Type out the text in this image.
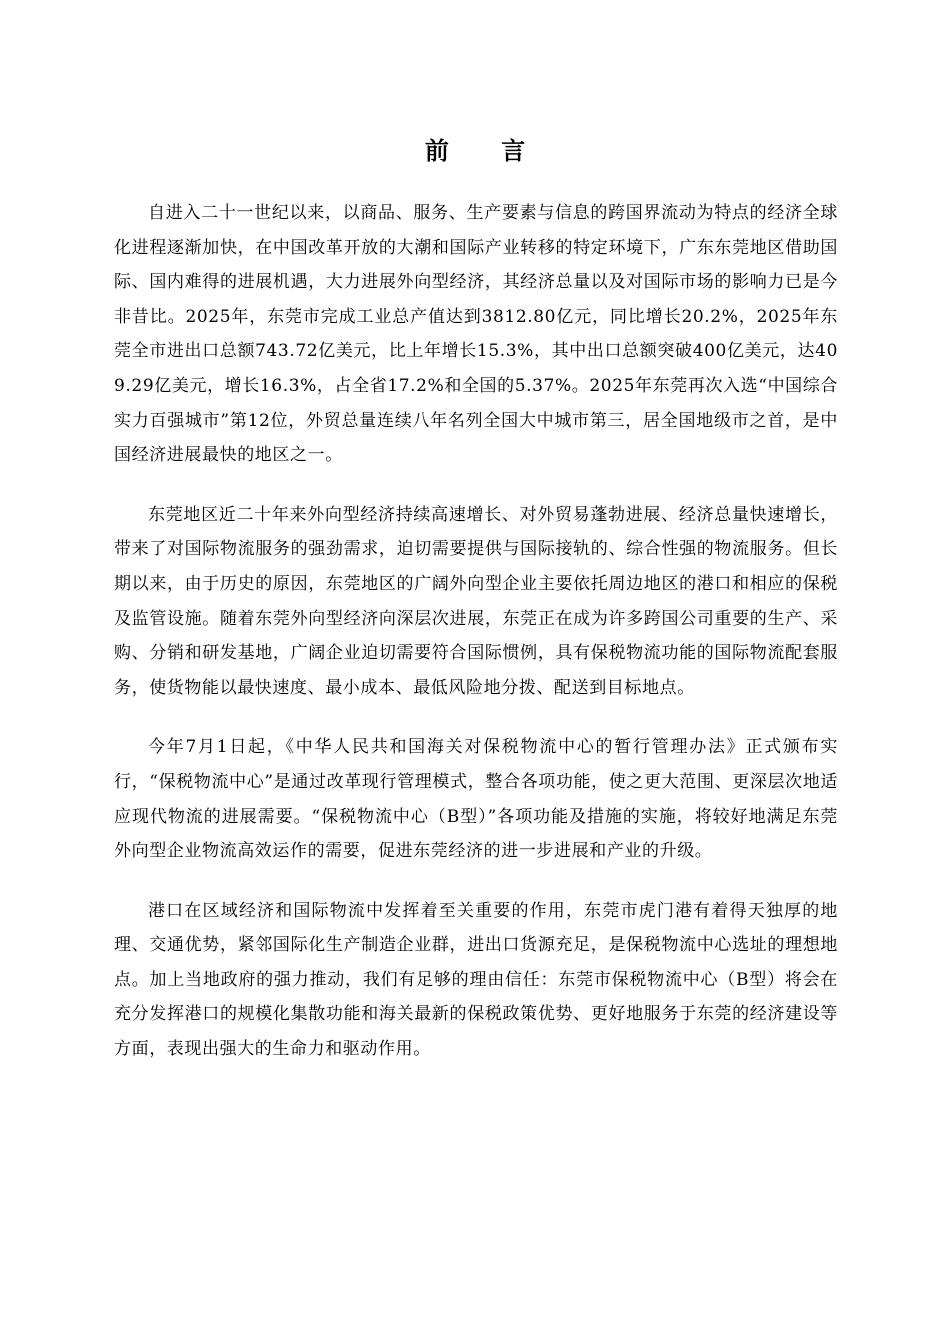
前 言

自进入二十一世纪以来，以商品、服务、生产要素与信息的跨国界流动为特点的经济全球化进程逐渐加快，在中国改革开放的大潮和国际产业转移的特定环境下，广东东莞地区借助国际、国内难得的进展机遇，大力进展外向型经济，其经济总量以及对国际市场的影响力已是今非昔比。2025年，东莞市完成工业总产值达到3812.80亿元，同比增长20.2%，2025年东莞全市进出口总额743.72亿美元，比上年增长15.3%，其中出口总额突破400亿美元，达409.29亿美元，增长16.3%，占全省17.2%和全国的5.37%。2025年东莞再次入选“中国综合实力百强城市”第12位，外贸总量连续八年名列全国大中城市第三，居全国地级市之首，是中国经济进展最快的地区之一。

东莞地区近二十年来外向型经济持续高速增长、对外贸易蓬勃进展、经济总量快速增长，带来了对国际物流服务的强劲需求，迫切需要提供与国际接轨的、综合性强的物流服务。但长期以来，由于历史的原因，东莞地区的广阔外向型企业主要依托周边地区的港口和相应的保税及监管设施。随着东莞外向型经济向深层次进展，东莞正在成为许多跨国公司重要的生产、采购、分销和研发基地，广阔企业迫切需要符合国际惯例，具有保税物流功能的国际物流配套服务，使货物能以最快速度、最小成本、最低风险地分拨、配送到目标地点。

今年7月1日起，《中华人民共和国海关对保税物流中心的暂行管理办法》正式颁布实行，“保税物流中心”是通过改革现行管理模式，整合各项功能，使之更大范围、更深层次地适应现代物流的进展需要。“保税物流中心（B型）”各项功能及措施的实施，将较好地满足东莞外向型企业物流高效运作的需要，促进东莞经济的进一步进展和产业的升级。

港口在区域经济和国际物流中发挥着至关重要的作用，东莞市虎门港有着得天独厚的地理、交通优势，紧邻国际化生产制造企业群，进出口货源充足，是保税物流中心选址的理想地点。加上当地政府的强力推动，我们有足够的理由信任：东莞市保税物流中心（B型）将会在充分发挥港口的规模化集散功能和海关最新的保税政策优势、更好地服务于东莞的经济建设等方面，表现出强大的生命力和驱动作用。
